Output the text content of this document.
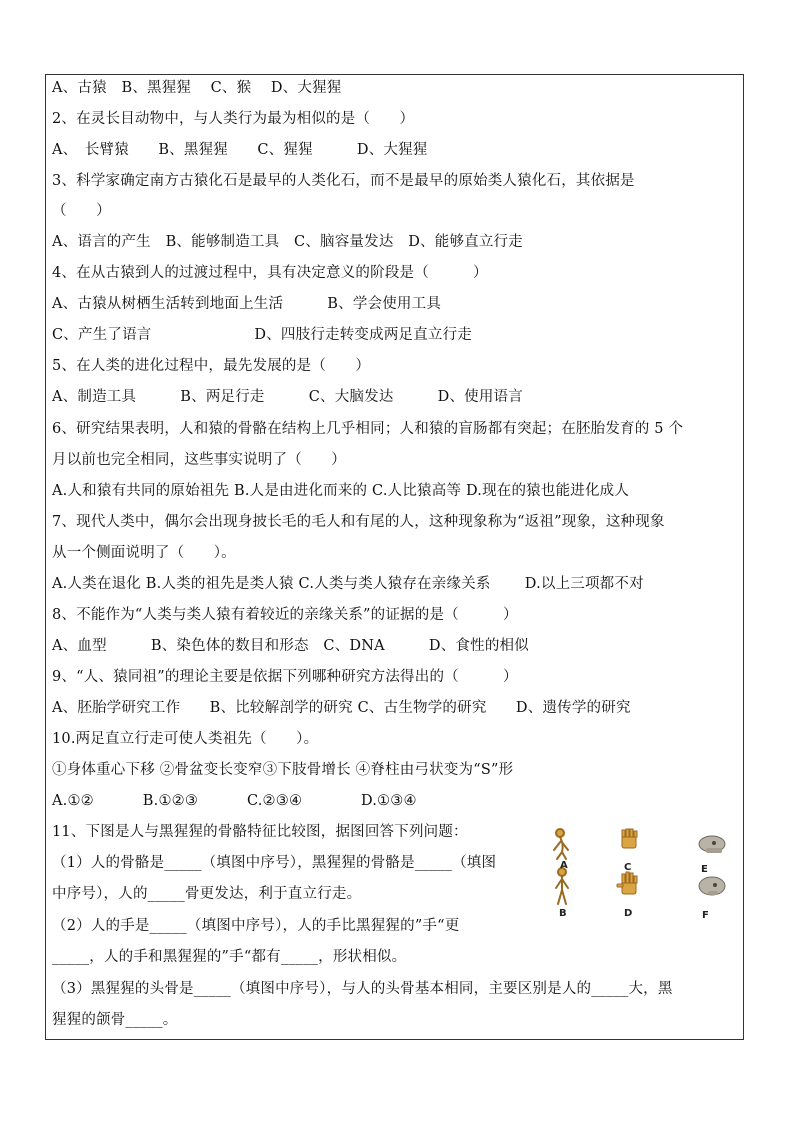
A、古猿　B、黑猩猩　 C、猴　 D、大猩猩
2、在灵长目动物中，与人类行为最为相似的是（　　）
A、　长臂猿　　B、黑猩猩　　C、猩猩　　　D、大猩猩
3、科学家确定南方古猿化石是最早的人类化石，而不是最早的原始类人猿化石，其依据是
（　　）
A、语言的产生　B、能够制造工具　C、脑容量发达　D、能够直立行走
4、在从古猿到人的过渡过程中，具有决定意义的阶段是（　　　）
A、古猿从树栖生活转到地面上生活　　　B、学会使用工具
C、产生了语言　　　　　　　D、四肢行走转变成两足直立行走
5、在人类的进化过程中，最先发展的是（　　）
A、制造工具　　　B、两足行走　　　C、大脑发达　　　D、使用语言
6、研究结果表明，人和猿的骨骼在结构上几乎相同；人和猿的盲肠都有突起；在胚胎发育的 5 个
月以前也完全相同，这些事实说明了（　　）
A.人和猿有共同的原始祖先 B.人是由进化而来的 C.人比猿高等 D.现在的猿也能进化成人
7、现代人类中，偶尔会出现身披长毛的毛人和有尾的人，这种现象称为“返祖”现象，这种现象
从一个侧面说明了（　　）。
A.人类在退化 B.人类的祖先是类人猿 C.人类与类人猿存在亲缘关系　　 D.以上三项都不对
8、不能作为“人类与类人猿有着较近的亲缘关系”的证据的是（　　　）
A、血型　　　B、染色体的数目和形态　C、DNA　　　D、食性的相似
9、“人、猿同祖”的理论主要是依据下列哪种研究方法得出的（　　　）
A、胚胎学研究工作　　B、比较解剖学的研究 C、古生物学的研究　　D、遗传学的研究
10.两足直立行走可使人类祖先（　　）。
①身体重心下移 ②骨盆变长变窄③下肢骨增长 ④脊柱由弓状变为“S”形
A.①②　　　 B.①②③　　　 C.②③④　　　　D.①③④
11、下图是人与黑猩猩的骨骼特征比较图，据图回答下列问题：
（1）人的骨骼是_____（填图中序号），黑猩猩的骨骼是_____（填图
中序号），人的_____骨更发达，利于直立行走。
（2）人的手是_____（填图中序号），人的手比黑猩猩的”手“更
_____，人的手和黑猩猩的”手“都有_____，形状相似。
（3）黑猩猩的头骨是_____（填图中序号），与人的头骨基本相同，主要区别是人的_____大，黑
猩猩的颌骨_____。
A
B
C
D
E
F
